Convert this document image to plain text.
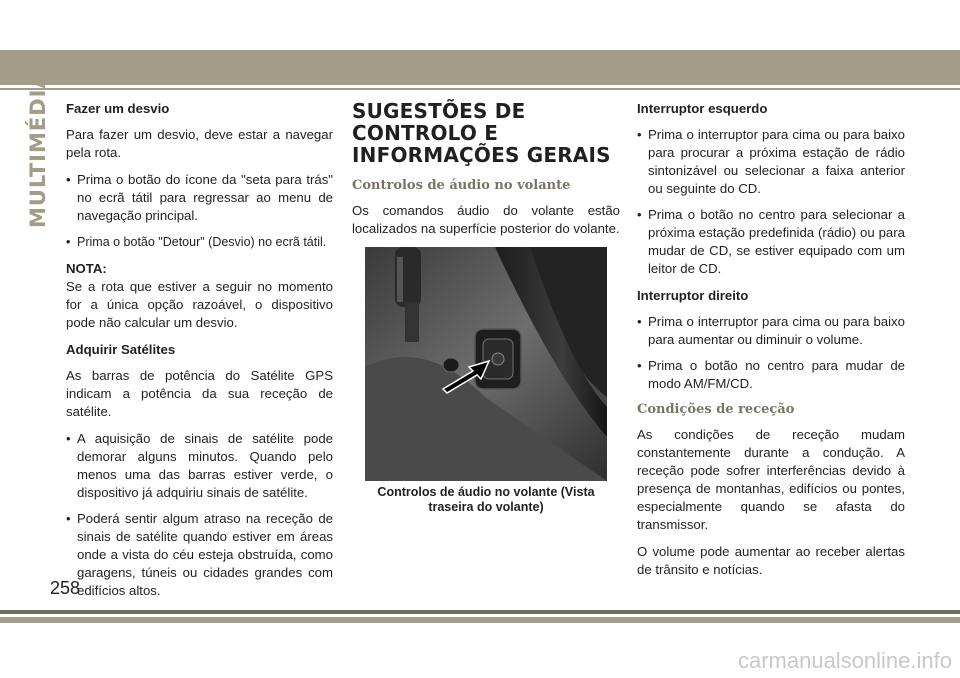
MULTIMÉDIA Fazer um desvio

Para fazer um desvio, deve estar a navegar pela rota.

• Prima o botão do ícone da "seta para trás" no ecrã tátil para regressar ao menu de navegação principal.
• Prima o botão "Detour" (Desvio) no ecrã tátil.

NOTA:

Se a rota que estiver a seguir no momento for a única opção razoável, o dispositivo pode não calcular um desvio.

Adquirir Satélites

As barras de potência do Satélite GPS indicam a potência da sua receção de satélite.

• A aquisição de sinais de satélite pode demorar alguns minutos. Quando pelo menos uma das barras estiver verde, o dispositivo já adquiriu sinais de satélite.
• Poderá sentir algum atraso na receção de sinais de satélite quando estiver em áreas onde a vista do céu esteja obstruída, como garagens, túneis ou cidades grandes com edifícios altos.
SUGESTÕES DE
CONTROLO E
INFORMAÇÕES GERAIS
Controlos de áudio no volante

Os comandos áudio do volante estão localizados na superfície posterior do volante.

Controlos de áudio no volante (Vista
traseira do volante)

Interruptor esquerdo

• Prima o interruptor para cima ou para baixo para procurar a próxima estação de rádio sintonizável ou selecionar a faixa anterior ou seguinte do CD.
• Prima o botão no centro para selecionar a próxima estação predefinida (rádio) ou para mudar de CD, se estiver equipado com um leitor de CD.

Interruptor direito

• Prima o interruptor para cima ou para baixo para aumentar ou diminuir o volume.
• Prima o botão no centro para mudar de modo AM/FM/CD.
Condições de receção

As condições de receção mudam constantemente durante a condução. A receção pode sofrer interferências devido à presença de montanhas, edifícios ou pontes, especialmente quando se afasta do transmissor.

O volume pode aumentar ao receber alertas de trânsito e notícias.

258
carmanualsonline.info
